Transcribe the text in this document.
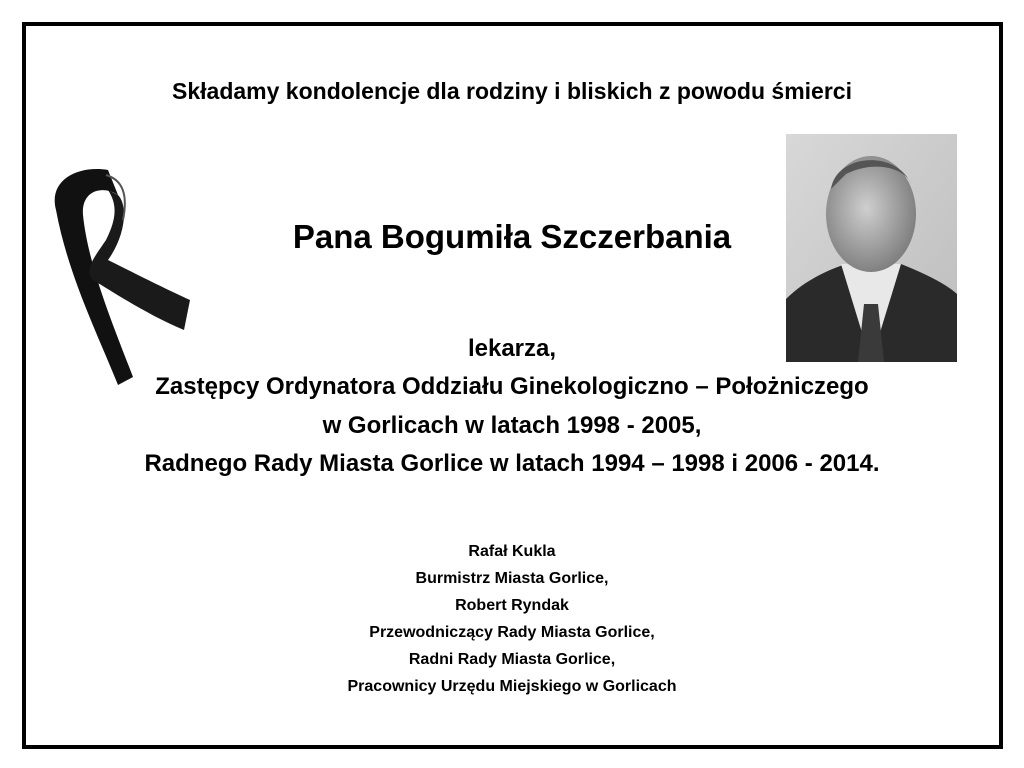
Składamy kondolencje dla rodziny i bliskich z powodu śmierci
Pana Bogumiła Szczerbania
lekarza,
Zastępcy Ordynatora Oddziału Ginekologiczno – Położniczego
w Gorlicach w latach 1998 - 2005,
Radnego Rady Miasta Gorlice w latach 1994 – 1998 i 2006 - 2014.
Rafał Kukla
Burmistrz Miasta Gorlice,
Robert Ryndak
Przewodniczący Rady Miasta Gorlice,
Radni Rady Miasta Gorlice,
Pracownicy Urzędu Miejskiego w Gorlicach
